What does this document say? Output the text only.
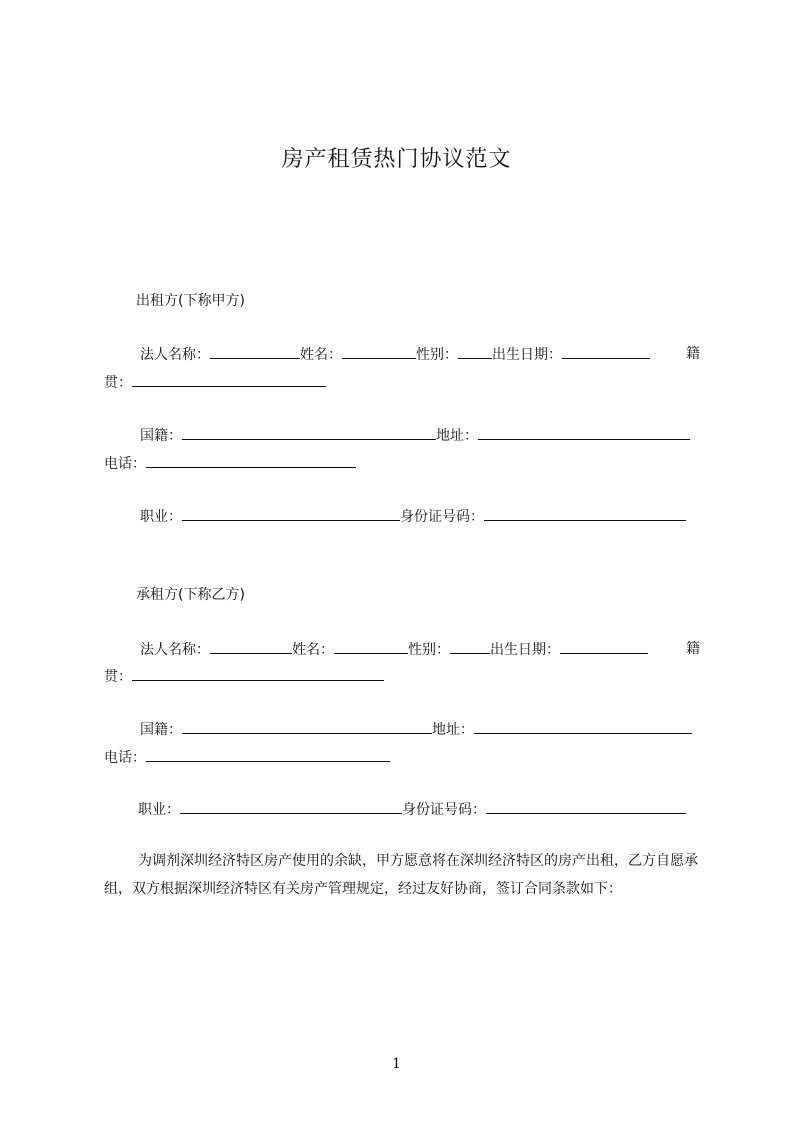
房产租赁热门协议范文
出租方(下称甲方)
法人名称：	姓名：	性别： 出生日期：	籍
贯：
国籍：	地址：
电话：
职业：	身份证号码：
承租方(下称乙方)
法人名称：	姓名：	性别：	出生日期：	籍
贯：
国籍：	地址：
电话：
职业：	身份证号码：
为调剂深圳经济特区房产使用的余缺，甲方愿意将在深圳经济特区的房产出租，乙方自愿承组，双方根据深圳经济特区有关房产管理规定，经过友好协商，签订合同条款如下：
1
